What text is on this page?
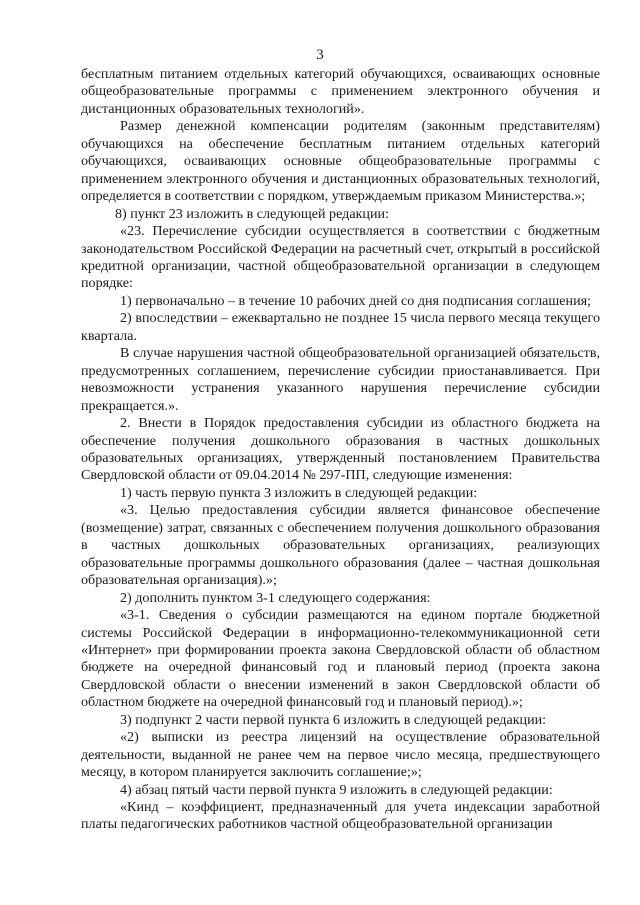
3

бесплатным питанием отдельных категорий обучающихся, осваивающих основные общеобразовательные программы с применением электронного обучения и дистанционных образовательных технологий».

Размер денежной компенсации родителям (законным представителям) обучающихся на обеспечение бесплатным питанием отдельных категорий обучающихся, осваивающих основные общеобразовательные программы с применением электронного обучения и дистанционных образовательных технологий, определяется в соответствии с порядком, утверждаемым приказом Министерства.»;

8) пункт 23 изложить в следующей редакции:

«23. Перечисление субсидии осуществляется в соответствии с бюджетным законодательством Российской Федерации на расчетный счет, открытый в российской кредитной организации, частной общеобразовательной организации в следующем порядке:

1) первоначально – в течение 10 рабочих дней со дня подписания соглашения;

2) впоследствии – ежеквартально не позднее 15 числа первого месяца текущего квартала.

В случае нарушения частной общеобразовательной организацией обязательств, предусмотренных соглашением, перечисление субсидии приостанавливается. При невозможности устранения указанного нарушения перечисление субсидии прекращается.».

2. Внести в Порядок предоставления субсидии из областного бюджета на обеспечение получения дошкольного образования в частных дошкольных образовательных организациях, утвержденный постановлением Правительства Свердловской области от 09.04.2014 № 297-ПП, следующие изменения:

1) часть первую пункта 3 изложить в следующей редакции:

«3. Целью предоставления субсидии является финансовое обеспечение (возмещение) затрат, связанных с обеспечением получения дошкольного образования в частных дошкольных образовательных организациях, реализующих образовательные программы дошкольного образования (далее – частная дошкольная образовательная организация).»;

2) дополнить пунктом 3-1 следующего содержания:

«3-1. Сведения о субсидии размещаются на едином портале бюджетной системы Российской Федерации в информационно-телекоммуникационной сети «Интернет» при формировании проекта закона Свердловской области об областном бюджете на очередной финансовый год и плановый период (проекта закона Свердловской области о внесении изменений в закон Свердловской области об областном бюджете на очередной финансовый год и плановый период).»;

3) подпункт 2 части первой пункта 6 изложить в следующей редакции:

«2) выписки из реестра лицензий на осуществление образовательной деятельности, выданной не ранее чем на первое число месяца, предшествующего месяцу, в котором планируется заключить соглашение;»;

4) абзац пятый части первой пункта 9 изложить в следующей редакции:

«Кинд – коэффициент, предназначенный для учета индексации заработной платы педагогических работников частной общеобразовательной организации
